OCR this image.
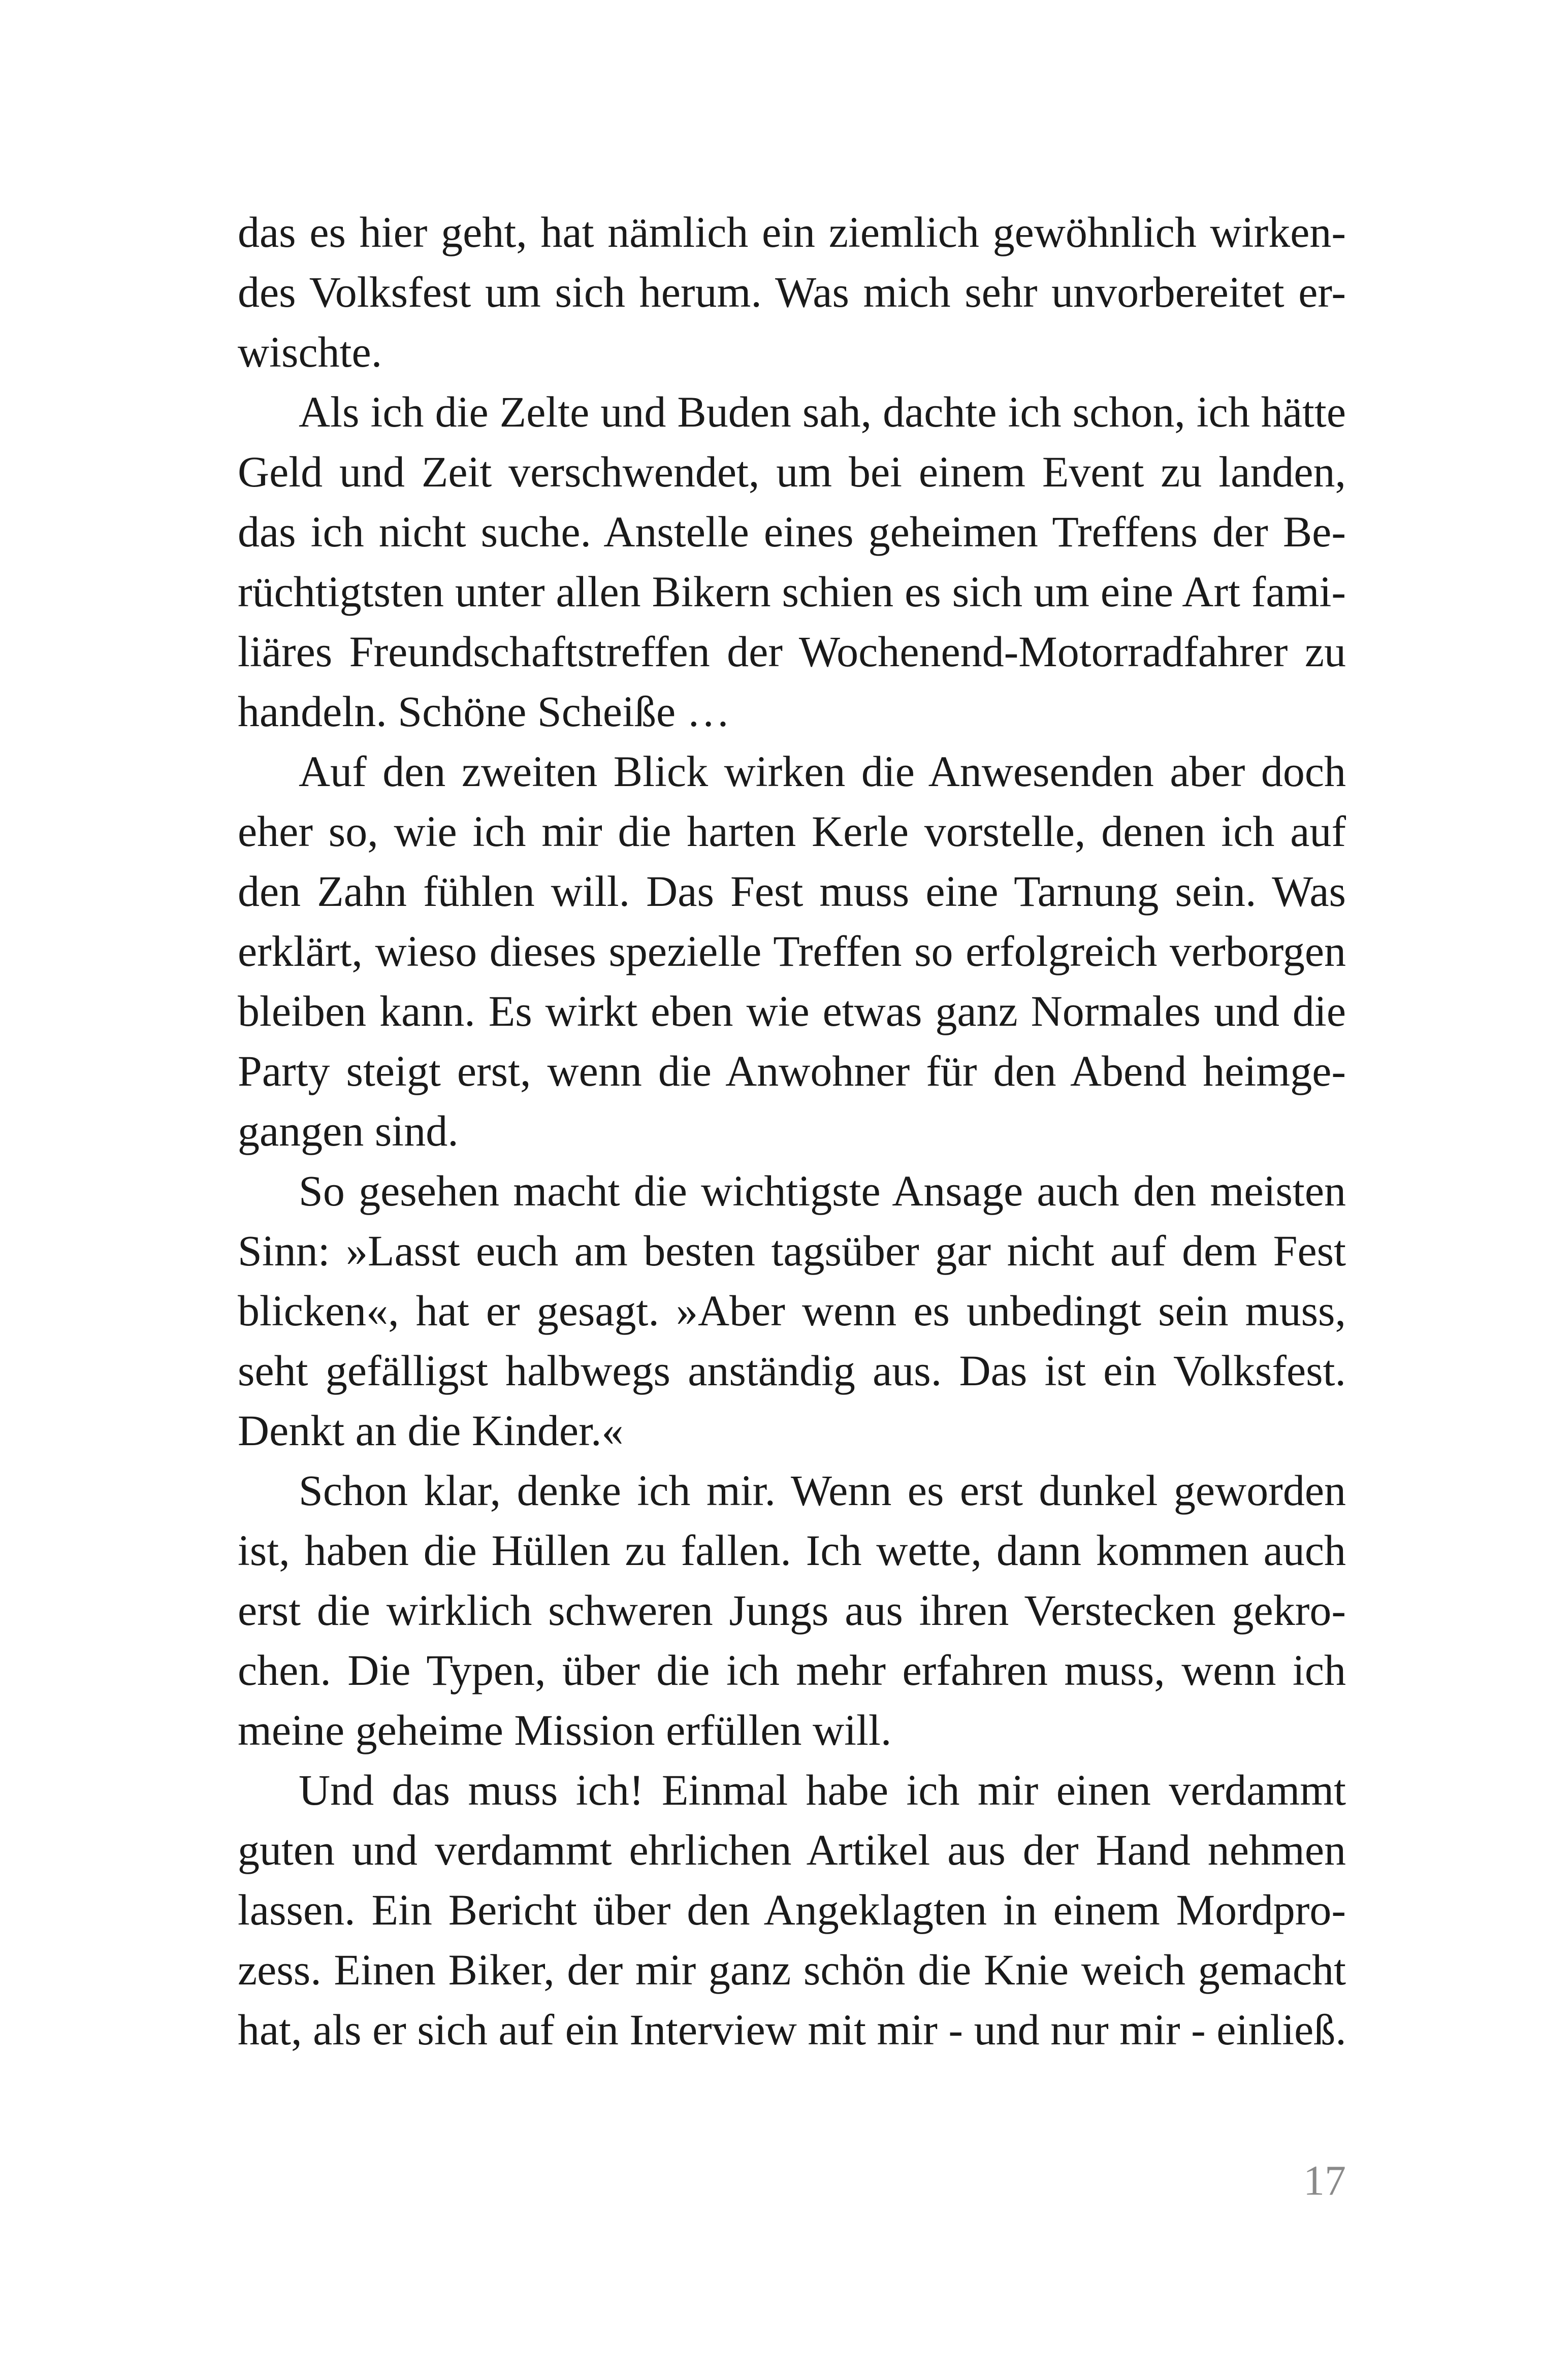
das es hier geht, hat nämlich ein ziemlich gewöhnlich wirken-
des Volksfest um sich herum. Was mich sehr unvorbereitet er-
wischte.

Als ich die Zelte und Buden sah, dachte ich schon, ich hätte
Geld und Zeit verschwendet, um bei einem Event zu landen,
das ich nicht suche. Anstelle eines geheimen Treffens der Be-
rüchtigtsten unter allen Bikern schien es sich um eine Art fami-
liäres Freundschaftstreffen der Wochenend-Motorradfahrer zu
handeln. Schöne Scheiße …

Auf den zweiten Blick wirken die Anwesenden aber doch
eher so, wie ich mir die harten Kerle vorstelle, denen ich auf
den Zahn fühlen will. Das Fest muss eine Tarnung sein. Was
erklärt, wieso dieses spezielle Treffen so erfolgreich verborgen
bleiben kann. Es wirkt eben wie etwas ganz Normales und die
Party steigt erst, wenn die Anwohner für den Abend heimge-
gangen sind.

So gesehen macht die wichtigste Ansage auch den meisten
Sinn: »Lasst euch am besten tagsüber gar nicht auf dem Fest
blicken«, hat er gesagt. »Aber wenn es unbedingt sein muss,
seht gefälligst halbwegs anständig aus. Das ist ein Volksfest.
Denkt an die Kinder.«

Schon klar, denke ich mir. Wenn es erst dunkel geworden
ist, haben die Hüllen zu fallen. Ich wette, dann kommen auch
erst die wirklich schweren Jungs aus ihren Verstecken gekro-
chen. Die Typen, über die ich mehr erfahren muss, wenn ich
meine geheime Mission erfüllen will.

Und das muss ich! Einmal habe ich mir einen verdammt
guten und verdammt ehrlichen Artikel aus der Hand nehmen
lassen. Ein Bericht über den Angeklagten in einem Mordpro-
zess. Einen Biker, der mir ganz schön die Knie weich gemacht
hat, als er sich auf ein Interview mit mir - und nur mir - einließ.

17
